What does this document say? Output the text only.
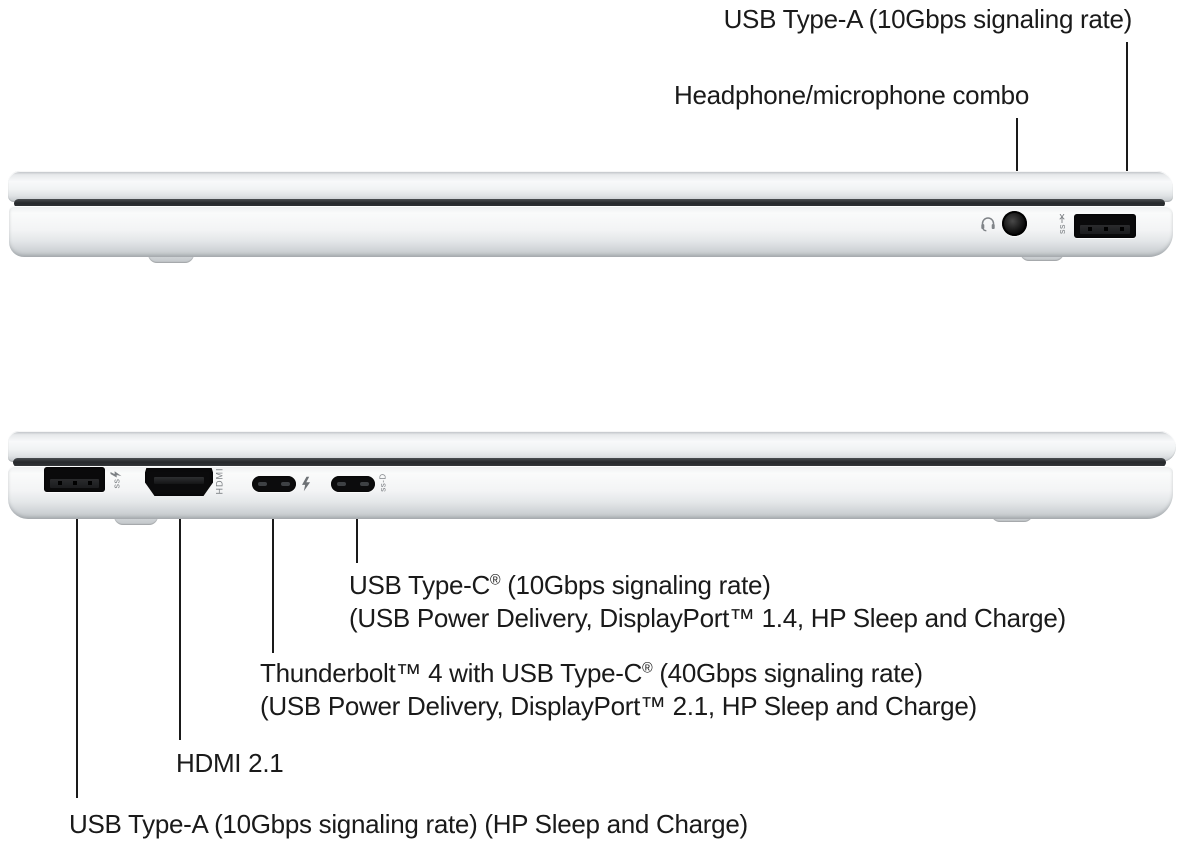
USB Type-A (10Gbps signaling rate)
Headphone/microphone combo
ss
ss	HDMI	ss-D
USB Type-C® (10Gbps signaling rate)
(USB Power Delivery, DisplayPort™ 1.4, HP Sleep and Charge)
Thunderbolt™ 4 with USB Type-C® (40Gbps signaling rate)
(USB Power Delivery, DisplayPort™ 2.1, HP Sleep and Charge)
HDMI 2.1
USB Type-A (10Gbps signaling rate) (HP Sleep and Charge)
